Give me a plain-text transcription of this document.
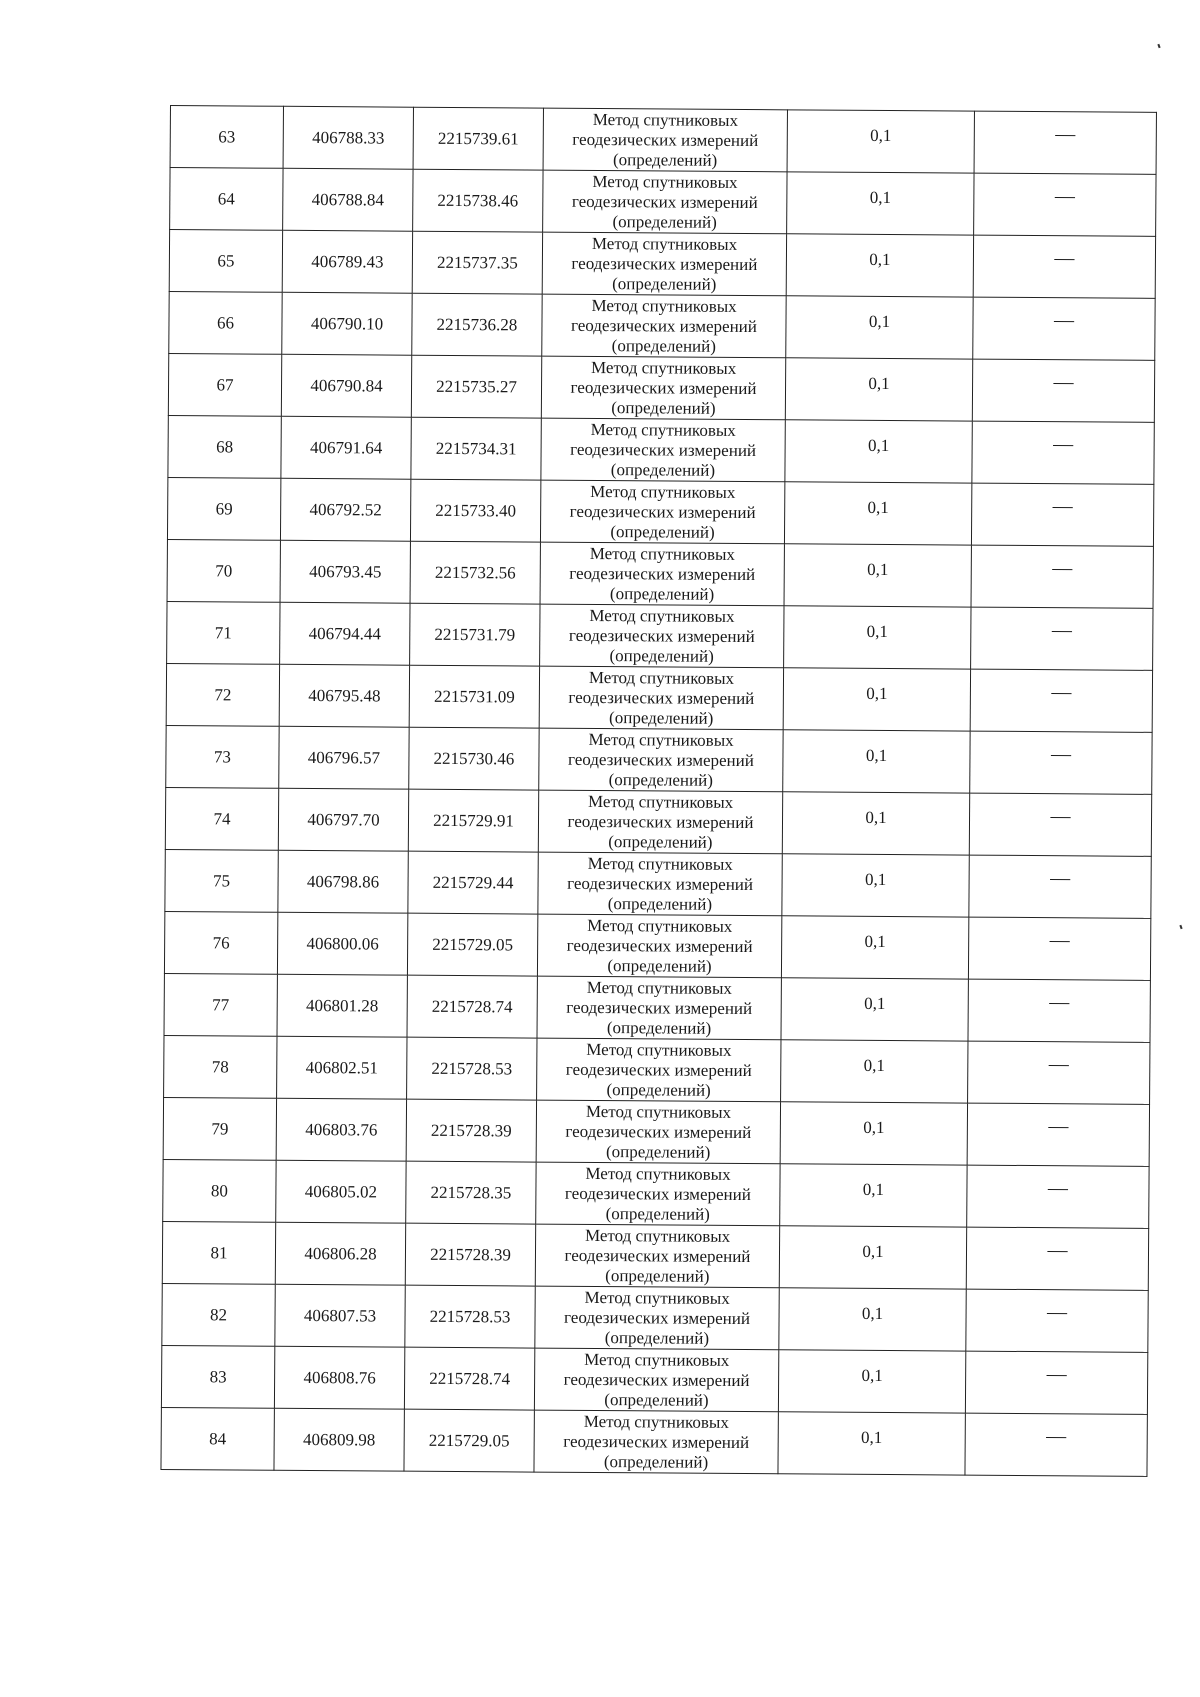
63	406788.33	2215739.61	Метод спутниковых
геодезических измерений
(определений)	0,1	—
64	406788.84	2215738.46	Метод спутниковых
геодезических измерений
(определений)	0,1	—
65	406789.43	2215737.35	Метод спутниковых
геодезических измерений
(определений)	0,1	—
66	406790.10	2215736.28	Метод спутниковых
геодезических измерений
(определений)	0,1	—
67	406790.84	2215735.27	Метод спутниковых
геодезических измерений
(определений)	0,1	—
68	406791.64	2215734.31	Метод спутниковых
геодезических измерений
(определений)	0,1	—
69	406792.52	2215733.40	Метод спутниковых
геодезических измерений
(определений)	0,1	—
70	406793.45	2215732.56	Метод спутниковых
геодезических измерений
(определений)	0,1	—
71	406794.44	2215731.79	Метод спутниковых
геодезических измерений
(определений)	0,1	—
72	406795.48	2215731.09	Метод спутниковых
геодезических измерений
(определений)	0,1	—
73	406796.57	2215730.46	Метод спутниковых
геодезических измерений
(определений)	0,1	—
74	406797.70	2215729.91	Метод спутниковых
геодезических измерений
(определений)	0,1	—
75	406798.86	2215729.44	Метод спутниковых
геодезических измерений
(определений)	0,1	—
76	406800.06	2215729.05	Метод спутниковых
геодезических измерений
(определений)	0,1	—
77	406801.28	2215728.74	Метод спутниковых
геодезических измерений
(определений)	0,1	—
78	406802.51	2215728.53	Метод спутниковых
геодезических измерений
(определений)	0,1	—
79	406803.76	2215728.39	Метод спутниковых
геодезических измерений
(определений)	0,1	—
80	406805.02	2215728.35	Метод спутниковых
геодезических измерений
(определений)	0,1	—
81	406806.28	2215728.39	Метод спутниковых
геодезических измерений
(определений)	0,1	—
82	406807.53	2215728.53	Метод спутниковых
геодезических измерений
(определений)	0,1	—
83	406808.76	2215728.74	Метод спутниковых
геодезических измерений
(определений)	0,1	—
84	406809.98	2215729.05	Метод спутниковых
геодезических измерений
(определений)	0,1	—
